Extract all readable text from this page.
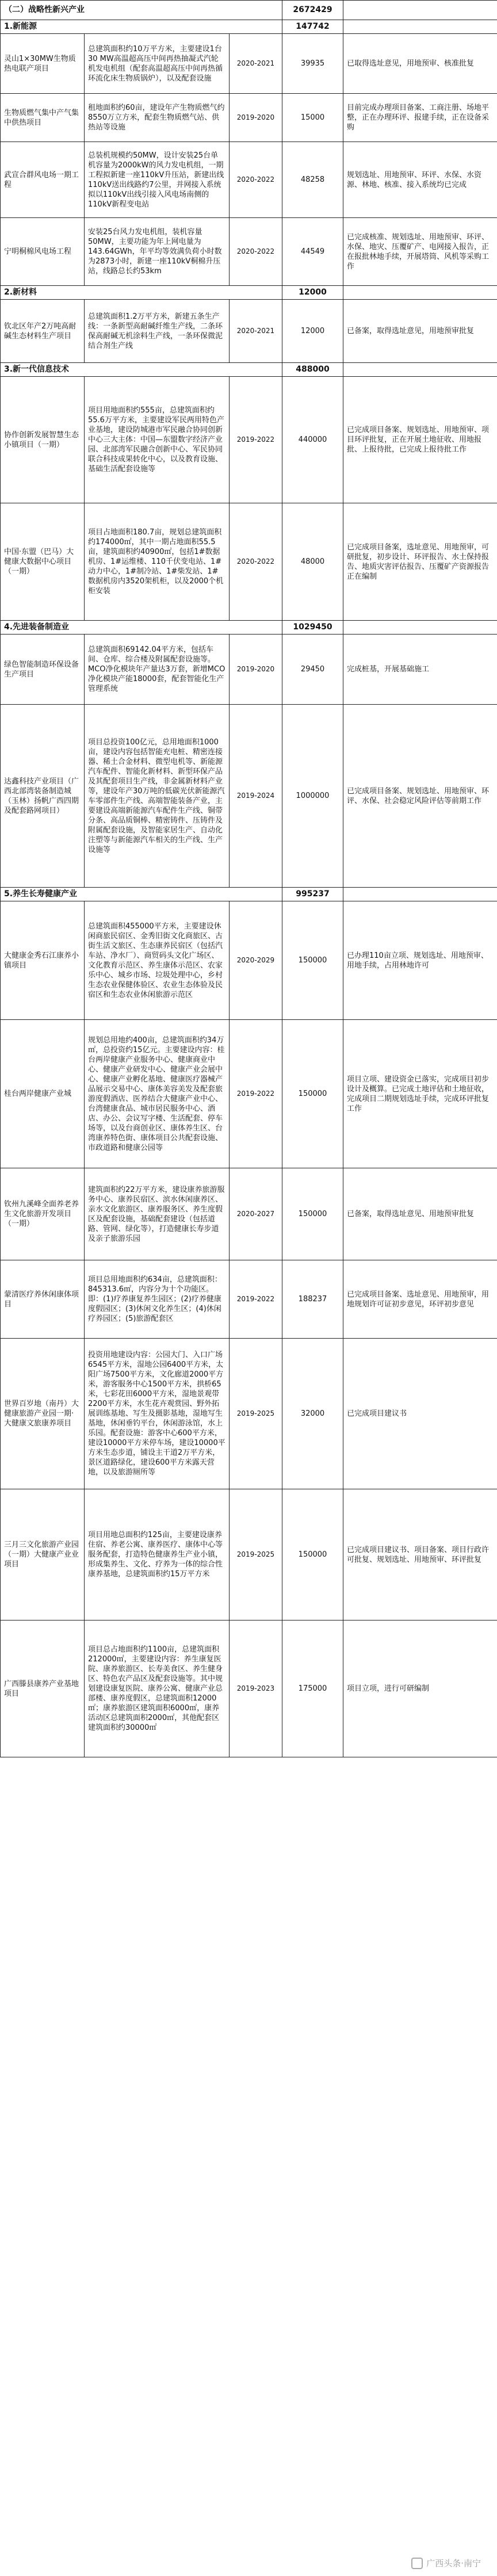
（二）战略性新兴产业			2672429	
1.新能源			147742	
灵山1×30MW生物质热电联产项目	总建筑面积约10万平方米，主要建设1台30 MW高温超高压中间再热抽凝式汽轮机发电机组（配套高温超高压中间再热循环流化床生物质锅炉），以及配套设施	2020-2021	39935	已取得选址意见，用地预审、核准批复
生物质燃气集中产气集中供热项目	租地面积约60亩，建设年产生物质燃气约8550万立方米，配套生物质燃气站、供热站等设施	2019-2020	15000	目前完成办理项目备案、工商注册、场地平整，正在办理环评、报建手续，正在设备采购
武宣合群风电场一期工程	总装机规模约50MW，设计安装25台单机容量为2000kW的风力发电机组，一期工程拟新建一座110kV升压站，新建出线110kV送出线路约7公里，并网接入系统拟以110kV出线引接入风电场南侧的110kV新程变电站	2020-2022	48258	规划选址、用地预审、环评、水保、水资源、林地、核准、接入系统均已完成
宁明桐棉风电场工程	安装25台风力发电机组，装机容量50MW，主要功能为年上网电量为143.64GWh，年平均等效满负荷小时数为2873小时，新建一座110kV桐棉升压站，线路总长约53km	2020-2022	44549	已完成核准、规划选址、用地预审、环评、水保、地灾、压覆矿产、电网接入报告，正在报批林地手续，开展塔筒、风机等采购工作
2.新材料			12000	
钦北区年产2万吨高耐碱生态材料生产项目	总建筑面积1.2万平方米，新建五条生产线：一条新型高耐碱纤维生产线，二条环保高耐碱无机涂料生产线，一条环保微泥结合剂生产线	2020-2021	12000	已备案，取得选址意见，用地预审批复
3.新一代信息技术			488000	
协作创新发展智慧生态小镇项目（一期）	项目用地面积约555亩，总建筑面积约55.6万平方米，主要建设军民两用特色产业基地，建设防城港市军民融合协同创新中心三大主体：中国—东盟数字经济产业园、北部湾军民融合创新中心、军民协同联合科技成果转化中心，以及教育设施、基础生活配套设施等	2019-2022	440000	已完成项目备案、规划选址、用地预审、项目环评批复，正在开展土地征收、用地报批、上报待批，已完成上报待批工作
中国·东盟（巴马）大健康大数据中心项目（一期）	项目占地面积180.7亩，规划总建筑面积约174000㎡，其中一期占地面积55.5亩，建筑面积约40900㎡，包括1#数据机房、1#运维楼、110千伏变电站、1#动力中心，1#制冷站、1#柴发站、1#数据机房内3520架机柜，以及2000个机柜安装	2020-2022	48000	已完成项目备案，选址意见、用地预审，可研批复，初步设计、环评报告、水土保持报告、地质灾害评估报告、压覆矿产资源报告正在编制
4.先进装备制造业			1029450	
绿色智能制造环保设备生产项目	总建筑面积69142.04平方米，包括车间、仓库、综合楼及附属配套设施等。MCO净化模块年产量达3万套，新增MCO净化模块产能18000套，配套智能化生产管理系统	2019-2020	29450	完成桩基，开展基础施工
达鑫科技产业项目（广西北部湾装备制造城（玉林）扬帆广西四期及配套路网项目）	项目总投资100亿元，总用地面积1000亩，建设内容包括智能充电桩、精密连接器、稀土合金材料、微型电机等、新能源汽车配件、智能化新材料、新型环保产品及其配套项目生产线，非金属新材料产业等，建设年产30万吨的低碳光伏新能源汽车零部件生产线、高端智能装备产业，主要建设高端新能源汽车配件生产线、铜带分条、高品质铜棒、精密铸件、压铸件及附属配套设施，及智能家居生产、自动化注塑等与新能源汽车相关的生产线、生产设施等	2019-2024	1000000	已完成项目备案、规划选址、用地预审、环评、水保、社会稳定风险评估等前期工作
5.养生长寿健康产业			995237	
大健康金秀石江康养小镇项目	总建筑面积455000平方米，主要建设休闲商旅民宿区、金秀旧街文化商旅区、古街生活文旅区、生态康养民宿区（包括汽车站、净水厂）、商贸码头文化广场区、文化教育示范区、养生康体示范区、农家乐中心、城乡市场、垃圾处理中心，乡村生态农业保健体验区、农业生态体验及民宿区和生态农业休闲旅游示范区	2020-2029	150000	已办理110亩立项、规划选址、用地预审、用地手续，占用林地许可
桂台两岸健康产业城	规划总用地约400亩，总建筑面积约34万㎡，总投资约15亿元。主要建设内容：桂台两岸健康产业服务中心、健康商业中心、健康产业研发中心、健康产业会展中心、健康产业孵化基地、健康医疗器械产品展示交易中心、康体美容美发及配套旅游度假酒店、医养结合大健康产业中心、台湾健康食品、城市居民服务中心、酒店、办公、会议写字楼、生活配套、停车场等，以及台商创业区、康体养生区、台湾康养特色街、康体项目公共配套设施、市政道路和健康公园等	2019-2022	150000	项目立项、建设资金已落实，完成项目初步设计及概算。已完成土地评估和土地征收，完成项目二期规划选址手续，完成环评批复工作
钦州九溪峰全面养老养生文化旅游开发项目（一期）	建筑面积约22万平方米，建设康养旅游服务中心、康养民宿区、滨水休闲康养区、亲水文化旅游区、康养服务区、养生度假区及配套设施，基础配套建设（包括道路、管网、绿化等），打造健康长寿步道及亲子旅游乐园	2020-2027	150000	已备案，取得选址意见、用地预审批复
蒙清医疗养休闲康体项目	项目总用地面积约634亩，总建筑面积：845313.6㎡，内容分为十个功能区。即：(1)疗养康复养生园区；(2)疗养健康度假园区；(3)休闲文化养生区；(4)休闲疗养园区；(5)旅游配套区	2019-2022	188237	已完成项目备案、选址意见、用地预审，用地规划许可证初步意见，环评初步意见
世界百岁地（南丹）大健康旅游产业园一期·大健康文旅康养项目	投资用地建设内容：公园大门、入口广场6545平方米，湿地公园6400平方米，太阳广场7500平方米，文化廊道2000平方米，游客服务中心1500平方米，拱桥65米，七彩花田6000平方米，湿地景观带2200平方米，水生花卉观赏园、野外拓展训练基地、写生及摄影基地，湿地写生基地，休闲垂钓平台，休闲游泳馆，水上乐园。配套设施：游客中心600平方米，建设10000平方米停车场，建设10000平方米生态步道，铺设主干道2万平方米，景区道路绿化，建设600平方米露天营地，以及旅游厕所等	2019-2025	32000	已完成项目建议书
三月三文化旅游产业园（一期）大健康产业业项目	项目用地总面积约125亩，主要建设康养住宿、养老公寓、康养医疗、康体中心等服务配套，打造特色健康养生产业小镇，形成集养生、文化、疗养为一体的综合性康养基地，总建筑面积约15万平方米	2019-2025	150000	已完成项目建议书、项目备案、项目行政许可批复、规划选址、用地预审、环评批复
广西滕县康养产业基地项目	项目总占地面积约1100亩，总建筑面积212000㎡，主要建设内容：养生康复医院、康养旅游区、长寿美食区、养生健身区、特色农产品区及配套设施等。其中规划建设康复医院、康养公寓、健康产业总部楼、康养度假区，总建筑面积12000㎡；康养旅游区建筑面积6000㎡，康养活动区总建筑面积2000㎡，其他配套区建筑面积约30000㎡	2019-2023	175000	项目立项，进行可研编制
广西头条·南宁
